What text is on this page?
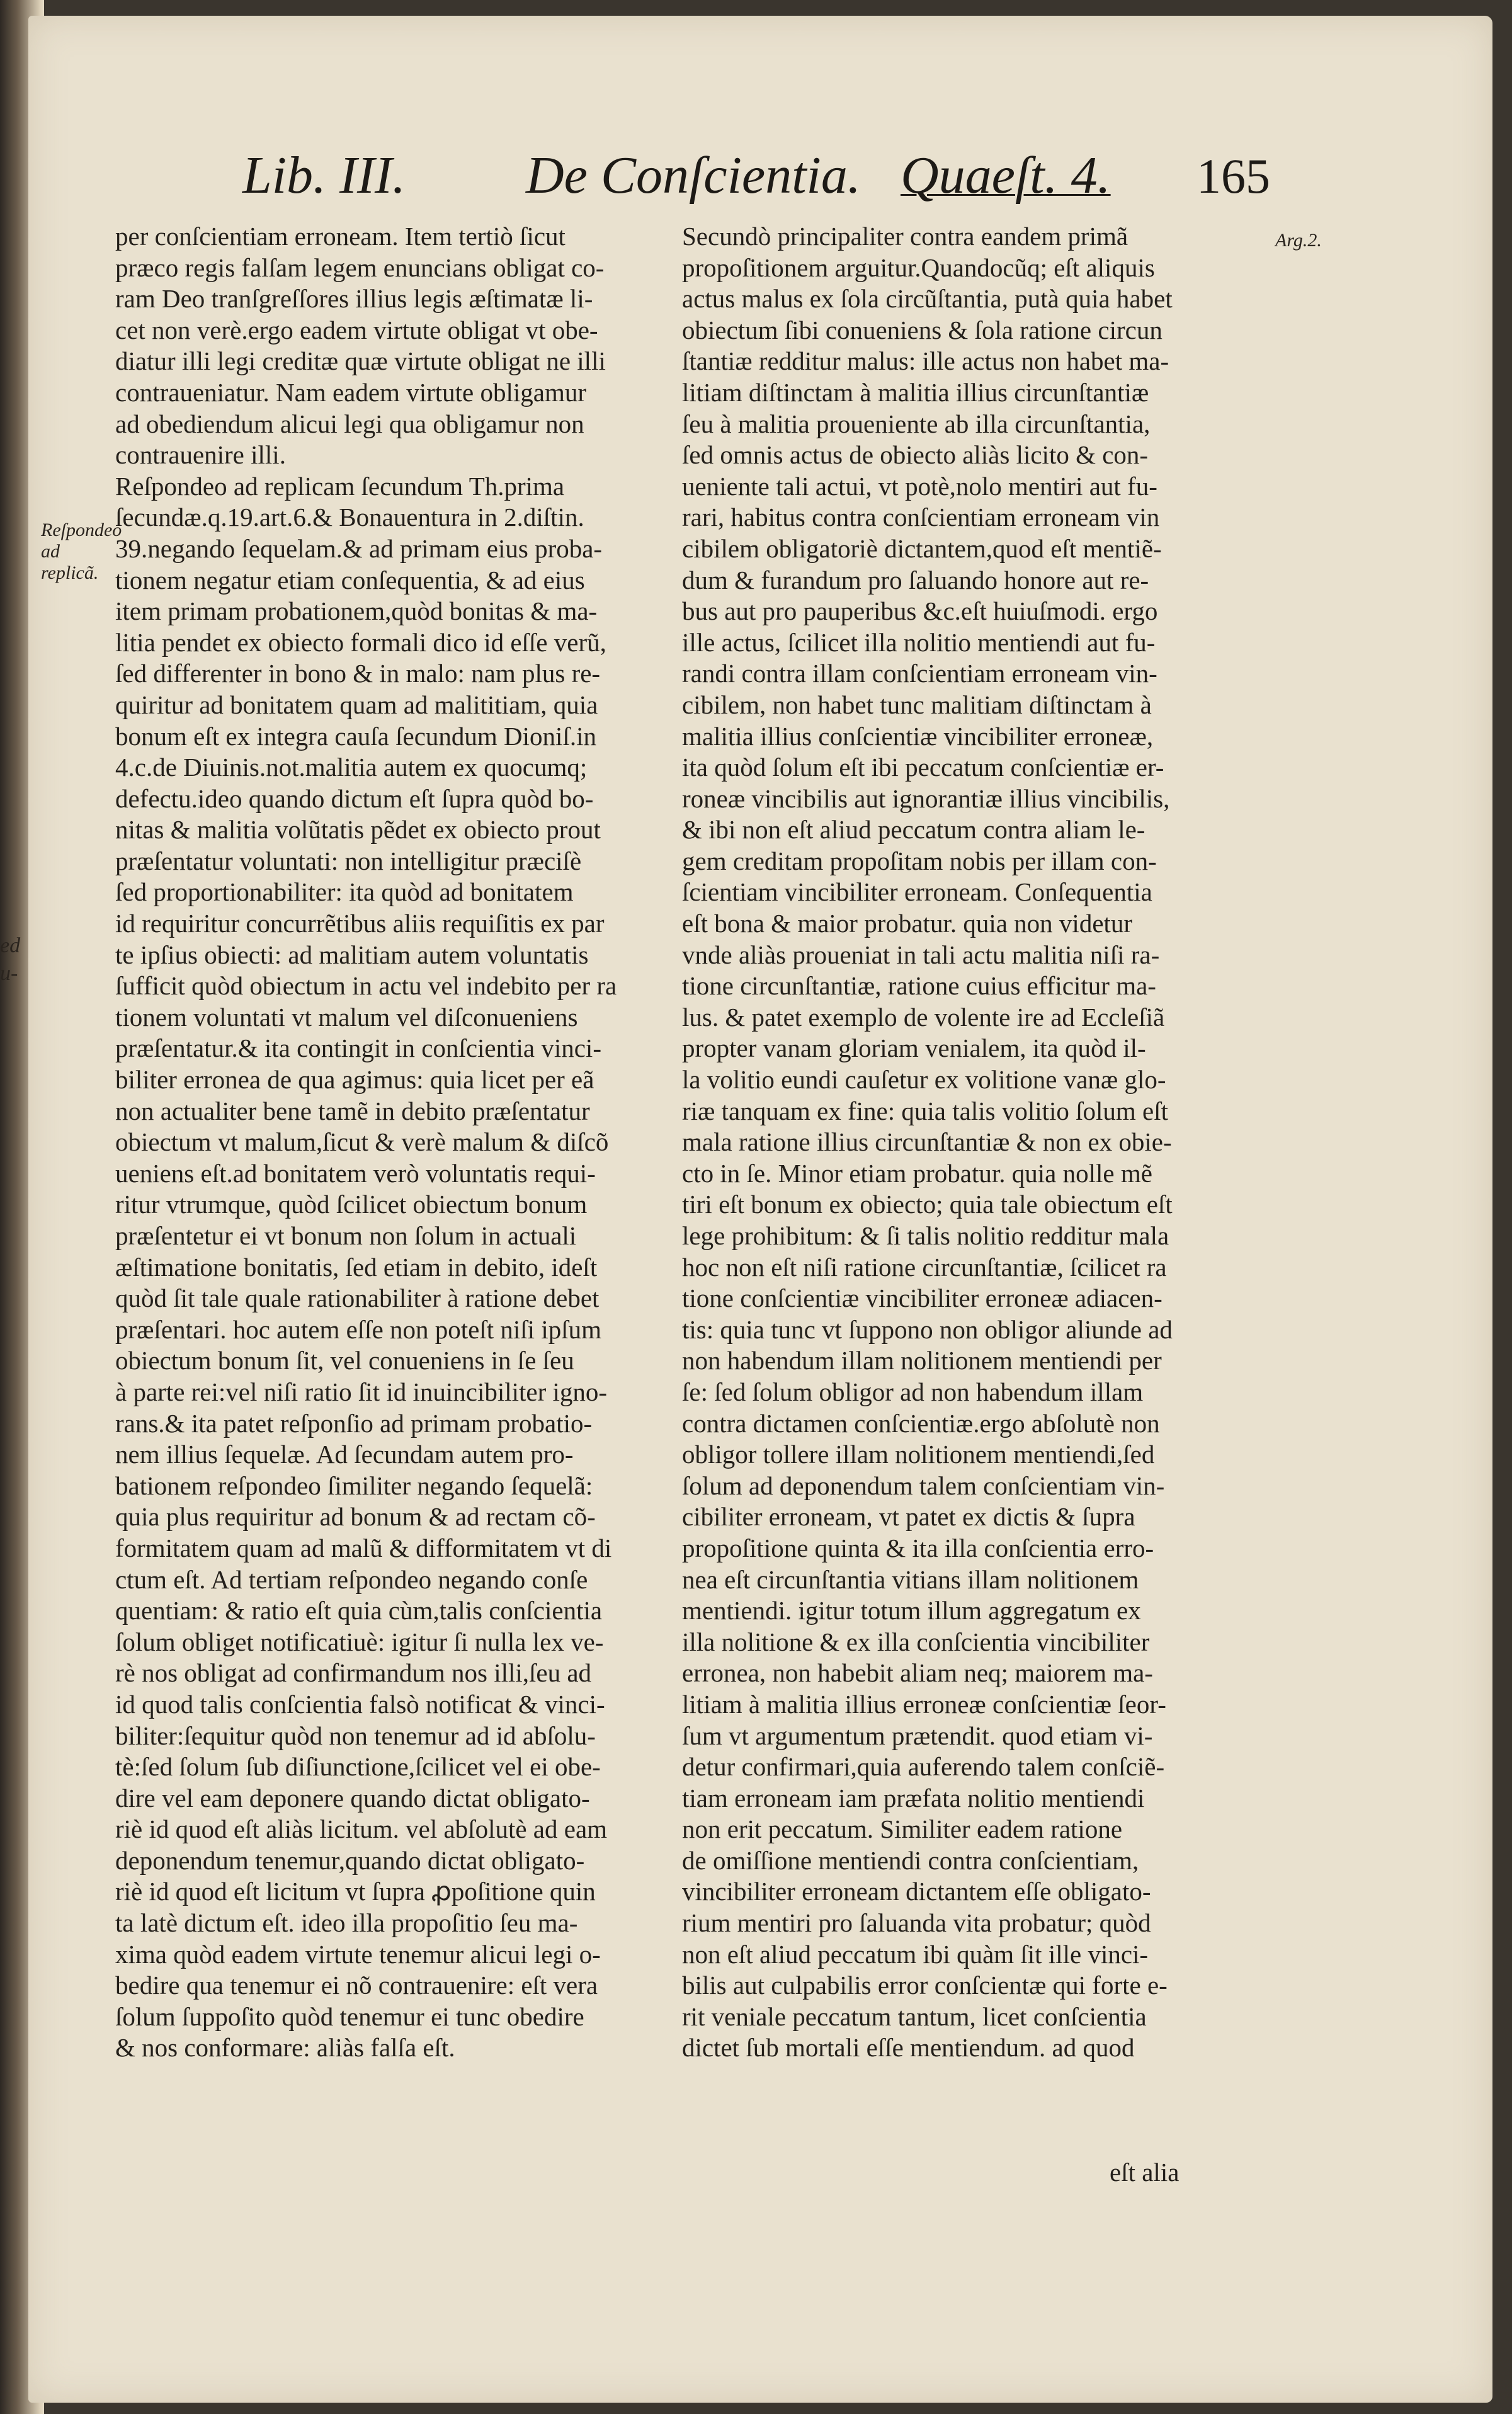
ed
u-
Lib. III. De Conſcientia. Quaeſt. 4. 165
Reſpondeo ad replicã.
Arg.2.
per conſcientiam erroneam. Item tertiò ſicut
præco regis falſam legem enuncians obligat co-
ram Deo tranſgreſſores illius legis æſtimatæ li-
cet non verè.ergo eadem virtute obligat vt obe-
diatur illi legi creditæ quæ virtute obligat ne illi
contraueniatur. Nam eadem virtute obligamur
ad obediendum alicui legi qua obligamur non
contrauenire illi.
Reſpondeo ad replicam ſecundum Th.prima
ſecundæ.q.19.art.6.& Bonauentura in 2.diſtin.
39.negando ſequelam.& ad primam eius proba-
tionem negatur etiam conſequentia, & ad eius
item primam probationem,quòd bonitas & ma-
litia pendet ex obiecto formali dico id eſſe verũ,
ſed differenter in bono & in malo: nam plus re-
quiritur ad bonitatem quam ad malititiam, quia
bonum eſt ex integra cauſa ſecundum Dioniſ.in
4.c.de Diuinis.not.malitia autem ex quocumq;
defectu.ideo quando dictum eſt ſupra quòd bo-
nitas & malitia volũtatis pẽdet ex obiecto prout
præſentatur voluntati: non intelligitur præciſè
ſed proportionabiliter: ita quòd ad bonitatem
id requiritur concurrẽtibus aliis requiſitis ex par
te ipſius obiecti: ad malitiam autem voluntatis
ſufficit quòd obiectum in actu vel indebito per ra
tionem voluntati vt malum vel diſconueniens
præſentatur.& ita contingit in conſcientia vinci-
biliter erronea de qua agimus: quia licet per eã
non actualiter bene tamẽ in debito præſentatur
obiectum vt malum,ſicut & verè malum & diſcõ
ueniens eſt.ad bonitatem verò voluntatis requi-
ritur vtrumque, quòd ſcilicet obiectum bonum
præſentetur ei vt bonum non ſolum in actuali
æſtimatione bonitatis, ſed etiam in debito, ideſt
quòd ſit tale quale rationabiliter à ratione debet
præſentari. hoc autem eſſe non poteſt niſi ipſum
obiectum bonum ſit, vel conueniens in ſe ſeu
à parte rei:vel niſi ratio ſit id inuincibiliter igno-
rans.& ita patet reſponſio ad primam probatio-
nem illius ſequelæ. Ad ſecundam autem pro-
bationem reſpondeo ſimiliter negando ſequelã:
quia plus requiritur ad bonum & ad rectam cõ-
formitatem quam ad malũ & difformitatem vt di
ctum eſt. Ad tertiam reſpondeo negando conſe
quentiam: & ratio eſt quia cùm,talis conſcientia
ſolum obliget notificatiuè: igitur ſi nulla lex ve-
rè nos obligat ad confirmandum nos illi,ſeu ad
id quod talis conſcientia falsò notificat & vinci-
biliter:ſequitur quòd non tenemur ad id abſolu-
tè:ſed ſolum ſub diſiunctione,ſcilicet vel ei obe-
dire vel eam deponere quando dictat obligato-
riè id quod eſt aliàs licitum. vel abſolutè ad eam
deponendum tenemur,quando dictat obligato-
riè id quod eſt licitum vt ſupra ꝓpoſitione quin
ta latè dictum eſt. ideo illa propoſitio ſeu ma-
xima quòd eadem virtute tenemur alicui legi o-
bedire qua tenemur ei nõ contrauenire: eſt vera
ſolum ſuppoſito quòd tenemur ei tunc obedire
& nos conformare: aliàs falſa eſt.
Secundò principaliter contra eandem primã
propoſitionem arguitur.Quandocũq; eſt aliquis
actus malus ex ſola circũſtantia, putà quia habet
obiectum ſibi conueniens & ſola ratione circun
ſtantiæ redditur malus: ille actus non habet ma-
litiam diſtinctam à malitia illius circunſtantiæ
ſeu à malitia proueniente ab illa circunſtantia,
ſed omnis actus de obiecto aliàs licito & con-
ueniente tali actui, vt potè,nolo mentiri aut fu-
rari, habitus contra conſcientiam erroneam vin
cibilem obligatoriè dictantem,quod eſt mentiẽ-
dum & furandum pro ſaluando honore aut re-
bus aut pro pauperibus &c.eſt huiuſmodi. ergo
ille actus, ſcilicet illa nolitio mentiendi aut fu-
randi contra illam conſcientiam erroneam vin-
cibilem, non habet tunc malitiam diſtinctam à
malitia illius conſcientiæ vincibiliter erroneæ,
ita quòd ſolum eſt ibi peccatum conſcientiæ er-
roneæ vincibilis aut ignorantiæ illius vincibilis,
& ibi non eſt aliud peccatum contra aliam le-
gem creditam propoſitam nobis per illam con-
ſcientiam vincibiliter erroneam. Conſequentia
eſt bona & maior probatur. quia non videtur
vnde aliàs proueniat in tali actu malitia niſi ra-
tione circunſtantiæ, ratione cuius efficitur ma-
lus. & patet exemplo de volente ire ad Eccleſiã
propter vanam gloriam venialem, ita quòd il-
la volitio eundi cauſetur ex volitione vanæ glo-
riæ tanquam ex fine: quia talis volitio ſolum eſt
mala ratione illius circunſtantiæ & non ex obie-
cto in ſe. Minor etiam probatur. quia nolle mẽ
tiri eſt bonum ex obiecto; quia tale obiectum eſt
lege prohibitum: & ſi talis nolitio redditur mala
hoc non eſt niſi ratione circunſtantiæ, ſcilicet ra
tione conſcientiæ vincibiliter erroneæ adiacen-
tis: quia tunc vt ſuppono non obligor aliunde ad
non habendum illam nolitionem mentiendi per
ſe: ſed ſolum obligor ad non habendum illam
contra dictamen conſcientiæ.ergo abſolutè non
obligor tollere illam nolitionem mentiendi,ſed
ſolum ad deponendum talem conſcientiam vin-
cibiliter erroneam, vt patet ex dictis & ſupra
propoſitione quinta & ita illa conſcientia erro-
nea eſt circunſtantia vitians illam nolitionem
mentiendi. igitur totum illum aggregatum ex
illa nolitione & ex illa conſcientia vincibiliter
erronea, non habebit aliam neq; maiorem ma-
litiam à malitia illius erroneæ conſcientiæ ſeor-
ſum vt argumentum prætendit. quod etiam vi-
detur confirmari,quia auferendo talem conſciẽ-
tiam erroneam iam præfata nolitio mentiendi
non erit peccatum. Similiter eadem ratione
de omiſſione mentiendi contra conſcientiam,
vincibiliter erroneam dictantem eſſe obligato-
rium mentiri pro ſaluanda vita probatur; quòd
non eſt aliud peccatum ibi quàm ſit ille vinci-
bilis aut culpabilis error conſcientæ qui forte e-
rit veniale peccatum tantum, licet conſcientia
dictet ſub mortali eſſe mentiendum. ad quod
eſt alia
